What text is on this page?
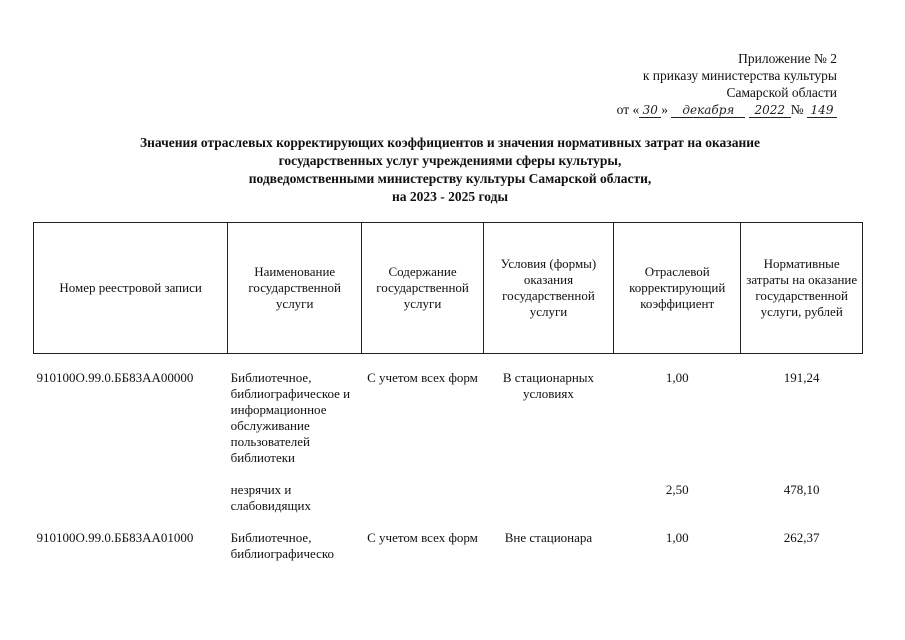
Приложение № 2
к приказу министерства культуры
Самарской области
от « 30 » декабря 2022 № 149
Значения отраслевых корректирующих коэффициентов и значения нормативных затрат на оказание
государственных услуг учреждениями сферы культуры,
подведомственными министерству культуры Самарской области,
на 2023 - 2025 годы
Номер реестровой записи	Наименование государственной услуги	Содержание государственной услуги	Условия (формы) оказания государственной услуги	Отраслевой корректирующий коэффициент	Нормативные затраты на оказание государственной услуги, рублей

910100О.99.0.ББ83АА00000	Библиотечное, библиографическое и информационное обслуживание пользователей библиотеки	С учетом всех форм	В стационарных условиях	1,00	191,24

	незрячих и слабовидящих			2,50	478,10

910100О.99.0.ББ83АА01000	Библиотечное, библиографическо	С учетом всех форм	Вне стационара	1,00	262,37
